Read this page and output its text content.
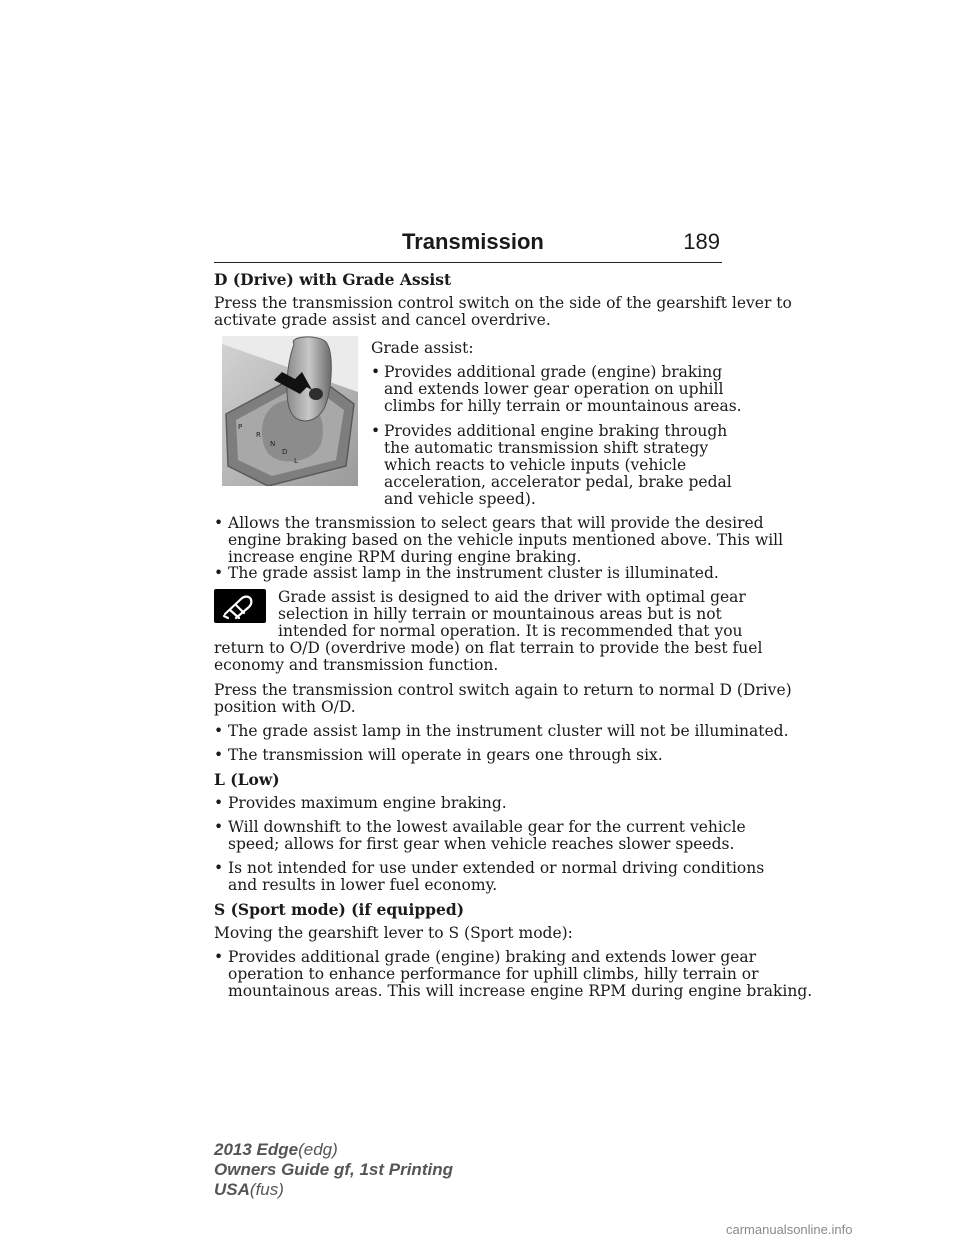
Transmission	189
D (Drive) with Grade Assist
Press the transmission control switch on the side of the gearshift lever to
activate grade assist and cancel overdrive.
P
R
N
D
L
Grade assist:
• Provides additional grade (engine) braking
and extends lower gear operation on uphill
climbs for hilly terrain or mountainous areas.
• Provides additional engine braking through
the automatic transmission shift strategy
which reacts to vehicle inputs (vehicle
acceleration, accelerator pedal, brake pedal
and vehicle speed).
• Allows the transmission to select gears that will provide the desired
engine braking based on the vehicle inputs mentioned above. This will
increase engine RPM during engine braking.
• The grade assist lamp in the instrument cluster is illuminated.
Grade assist is designed to aid the driver with optimal gear
selection in hilly terrain or mountainous areas but is not
intended for normal operation. It is recommended that you
return to O/D (overdrive mode) on flat terrain to provide the best fuel
economy and transmission function.
Press the transmission control switch again to return to normal D (Drive)
position with O/D.
• The grade assist lamp in the instrument cluster will not be illuminated.
• The transmission will operate in gears one through six.
L (Low)
• Provides maximum engine braking.
• Will downshift to the lowest available gear for the current vehicle
speed; allows for first gear when vehicle reaches slower speeds.
• Is not intended for use under extended or normal driving conditions
and results in lower fuel economy.
S (Sport mode) (if equipped)
Moving the gearshift lever to S (Sport mode):
• Provides additional grade (engine) braking and extends lower gear
operation to enhance performance for uphill climbs, hilly terrain or
mountainous areas. This will increase engine RPM during engine braking.
2013 Edge(edg)
Owners Guide gf, 1st Printing
USA(fus)
carmanualsonline.info
